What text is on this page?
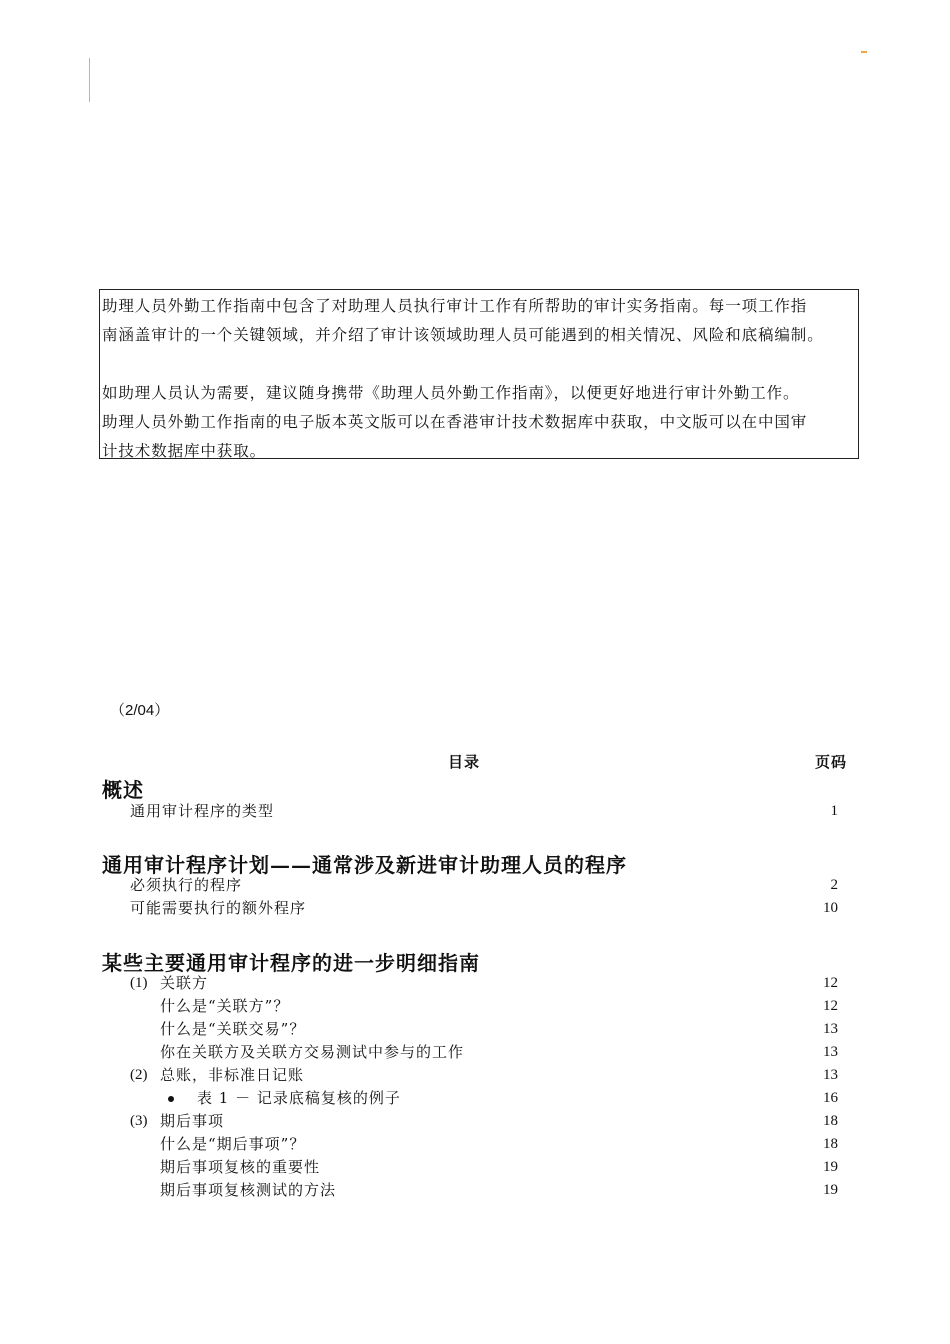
助理人员外勤工作指南中包含了对助理人员执行审计工作有所帮助的审计实务指南。每一项工作指

南涵盖审计的一个关键领域，并介绍了审计该领域助理人员可能遇到的相关情况、风险和底稿编制。

如助理人员认为需要，建议随身携带《助理人员外勤工作指南》，以便更好地进行审计外勤工作。

助理人员外勤工作指南的电子版本英文版可以在香港审计技术数据库中获取，中文版可以在中国审

计技术数据库中获取。

（2/04）
目录	页码
概述
通用审计程序的类型	1
通用审计程序计划——通常涉及新进审计助理人员的程序
必须执行的程序	2
可能需要执行的额外程序	10
某些主要通用审计程序的进一步明细指南
(1) 关联方	12
什么是“关联方”？	12
什么是“关联交易”？	13
你在关联方及关联方交易测试中参与的工作	13
(2) 总账，非标准日记账	13
表 1 － 记录底稿复核的例子	16
(3) 期后事项	18
什么是“期后事项”？	18
期后事项复核的重要性	19
期后事项复核测试的方法	19
